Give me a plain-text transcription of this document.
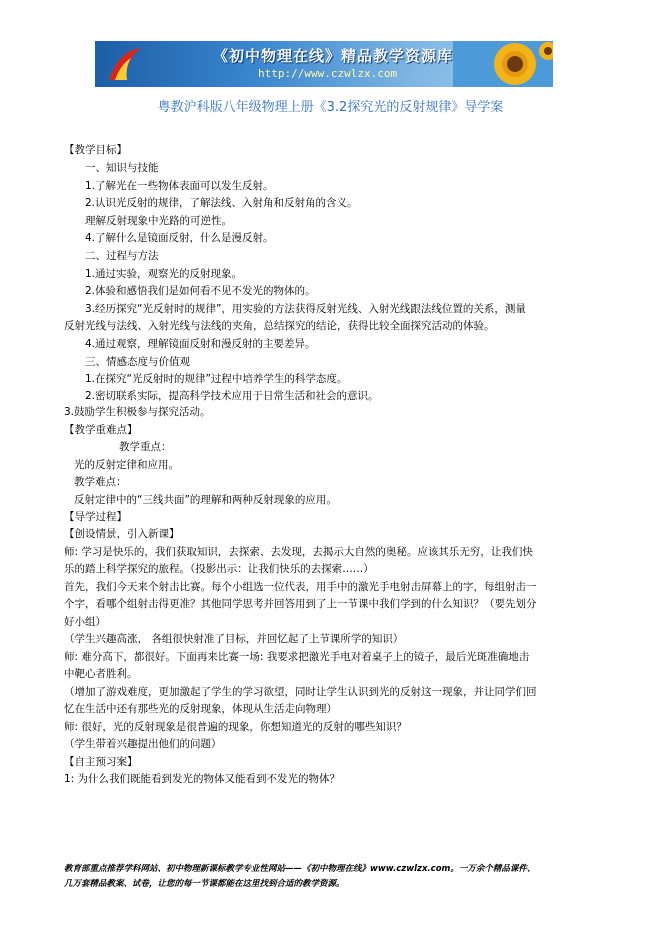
《初中物理在线》精品教学资源库
http://www.czwlzx.com
粤教沪科版八年级物理上册《3.2探究光的反射规律》导学案

【教学目标】

一、知识与技能

1.了解光在一些物体表面可以发生反射。

2.认识光反射的规律，了解法线、入射角和反射角的含义。

理解反射现象中光路的可逆性。

4.了解什么是镜面反射，什么是漫反射。

二、过程与方法

1.通过实验，观察光的反射现象。

2.体验和感悟我们是如何看不见不发光的物体的。

3.经历探究“光反射时的规律”，用实验的方法获得反射光线、入射光线跟法线位置的关系，测量

反射光线与法线、入射光线与法线的夹角，总结探究的结论，获得比较全面探究活动的体验。

4.通过观察，理解镜面反射和漫反射的主要差异。

三、情感态度与价值观

1.在探究“光反射时的规律”过程中培养学生的科学态度。

2.密切联系实际，提高科学技术应用于日常生活和社会的意识。

3.鼓励学生积极参与探究活动。

【教学重难点】

教学重点：

光的反射定律和应用。

教学难点：

反射定律中的“三线共面”的理解和两种反射现象的应用。

【导学过程】

【创设情景，引入新课】

师: 学习是快乐的，我们获取知识，去探索、去发现，去揭示大自然的奥秘。应该其乐无穷，让我们快

乐的踏上科学探究的旅程。（投影出示：让我们快乐的去探索……）

首先，我们今天来个射击比赛。每个小组选一位代表，用手中的激光手电射击屏幕上的字，每组射击一

个字，看哪个组射击得更准？其他同学思考并回答用到了上一节课中我们学到的什么知识？（要先划分

好小组）

（学生兴趣高涨， 各组很快射准了目标，并回忆起了上节课所学的知识）

师: 难分高下，都很好。下面再来比赛一场: 我要求把激光手电对着桌子上的镜子，最后光斑准确地击

中靶心者胜利。

（增加了游戏难度，更加激起了学生的学习欲望，同时让学生认识到光的反射这一现象，并让同学们回

忆在生活中还有那些光的反射现象，体现从生活走向物理）

师: 很好，光的反射现象是很普遍的现象，你想知道光的反射的哪些知识？

（学生带着兴趣提出他们的问题）

【自主预习案】

1: 为什么我们既能看到发光的物体又能看到不发光的物体？

教育部重点推荐学科网站、初中物理新课标教学专业性网站——《初中物理在线》www.czwlzx.com。一万余个精品课件、
几万套精品教案、试卷，让您的每一节课都能在这里找到合适的教学资源。
